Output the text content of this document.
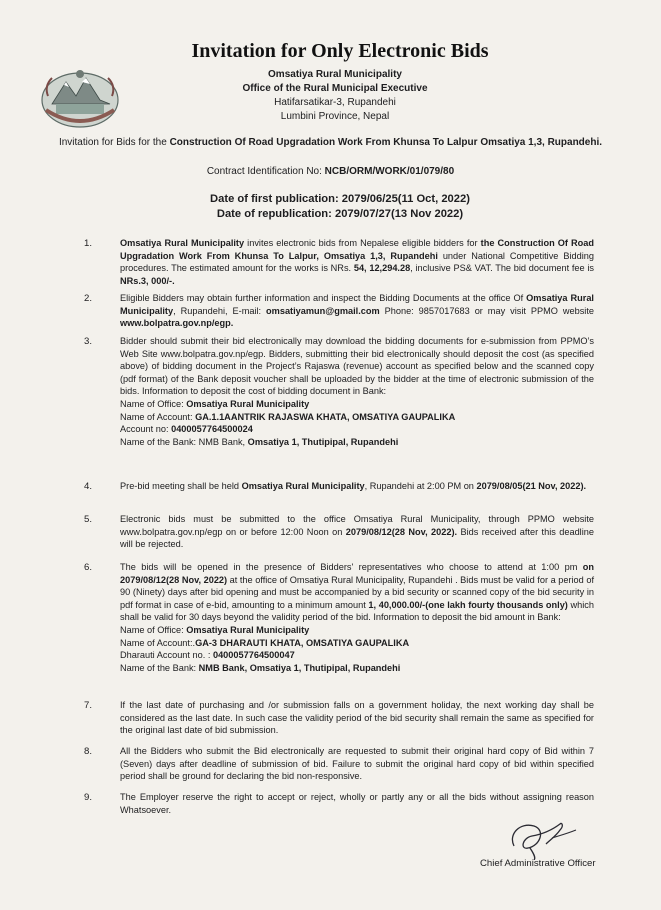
Invitation for Only Electronic Bids
Omsatiya Rural Municipality
Office of the Rural Municipal Executive
Hatifarsatikar-3, Rupandehi
Lumbini Province, Nepal
Invitation for Bids for the Construction Of Road Upgradation Work From Khunsa To Lalpur Omsatiya 1,3, Rupandehi.
Contract Identification No: NCB/ORM/WORK/01/079/80
Date of first publication: 2079/06/25(11 Oct, 2022)
Date of republication: 2079/07/27(13 Nov 2022)
1.	Omsatiya Rural Municipality invites electronic bids from Nepalese eligible bidders for the Construction Of Road Upgradation Work From Khunsa To Lalpur, Omsatiya 1,3, Rupandehi under National Competitive Bidding procedures. The estimated amount for the works is NRs. 54, 12,294.28, inclusive PS& VAT. The bid document fee is NRs.3, 000/-.

2.	Eligible Bidders may obtain further information and inspect the Bidding Documents at the office Of Omsatiya Rural Municipality, Rupandehi, E-mail: omsatiyamun@gmail.com Phone: 9857017683 or may visit PPMO website www.bolpatra.gov.np/egp.

3.	Bidder should submit their bid electronically may download the bidding documents for e-submission from PPMO’s Web Site www.bolpatra.gov.np/egp. Bidders, submitting their bid electronically should deposit the cost (as specified above) of bidding document in the Project’s Rajaswa (revenue) account as specified below and the scanned copy (pdf format) of the Bank deposit voucher shall be uploaded by the bidder at the time of electronic submission of the bids. Information to deposit the cost of bidding document in Bank:

Name of Office: Omsatiya Rural Municipality

Name of Account: GA.1.1AANTRIK RAJASWA KHATA, OMSATIYA GAUPALIKA

Account no: 0400057764500024

Name of the Bank: NMB Bank, Omsatiya 1, Thutipipal, Rupandehi

4.	Pre-bid meeting shall be held Omsatiya Rural Municipality, Rupandehi at 2:00 PM on 2079/08/05(21 Nov, 2022).

5.	Electronic bids must be submitted to the office Omsatiya Rural Municipality, through PPMO website www.bolpatra.gov.np/egp on or before 12:00 Noon on 2079/08/12(28 Nov, 2022). Bids received after this deadline will be rejected.

6.	The bids will be opened in the presence of Bidders' representatives who choose to attend at 1:00 pm on 2079/08/12(28 Nov, 2022) at the office of Omsatiya Rural Municipality, Rupandehi . Bids must be valid for a period of 90 (Ninety) days after bid opening and must be accompanied by a bid security or scanned copy of the bid security in pdf format in case of e-bid, amounting to a minimum amount 1, 40,000.00/-(one lakh fourty thousands only) which shall be valid for 30 days beyond the validity period of the bid. Information to deposit the bid amount in Bank:

Name of Office: Omsatiya Rural Municipality

Name of Account:.GA-3 DHARAUTI KHATA, OMSATIYA GAUPALIKA

Dharauti Account no. : 0400057764500047

Name of the Bank: NMB Bank, Omsatiya 1, Thutipipal, Rupandehi

7.	If the last date of purchasing and /or submission falls on a government holiday, the next working day shall be considered as the last date. In such case the validity period of the bid security shall remain the same as specified for the original last date of bid submission.

8.	All the Bidders who submit the Bid electronically are requested to submit their original hard copy of Bid within 7 (Seven) days after deadline of submission of bid. Failure to submit the original hard copy of bid within specified period shall be ground for declaring the bid non-responsive.

9.	The Employer reserve the right to accept or reject, wholly or partly any or all the bids without assigning reason Whatsoever.

Chief Administrative Officer
